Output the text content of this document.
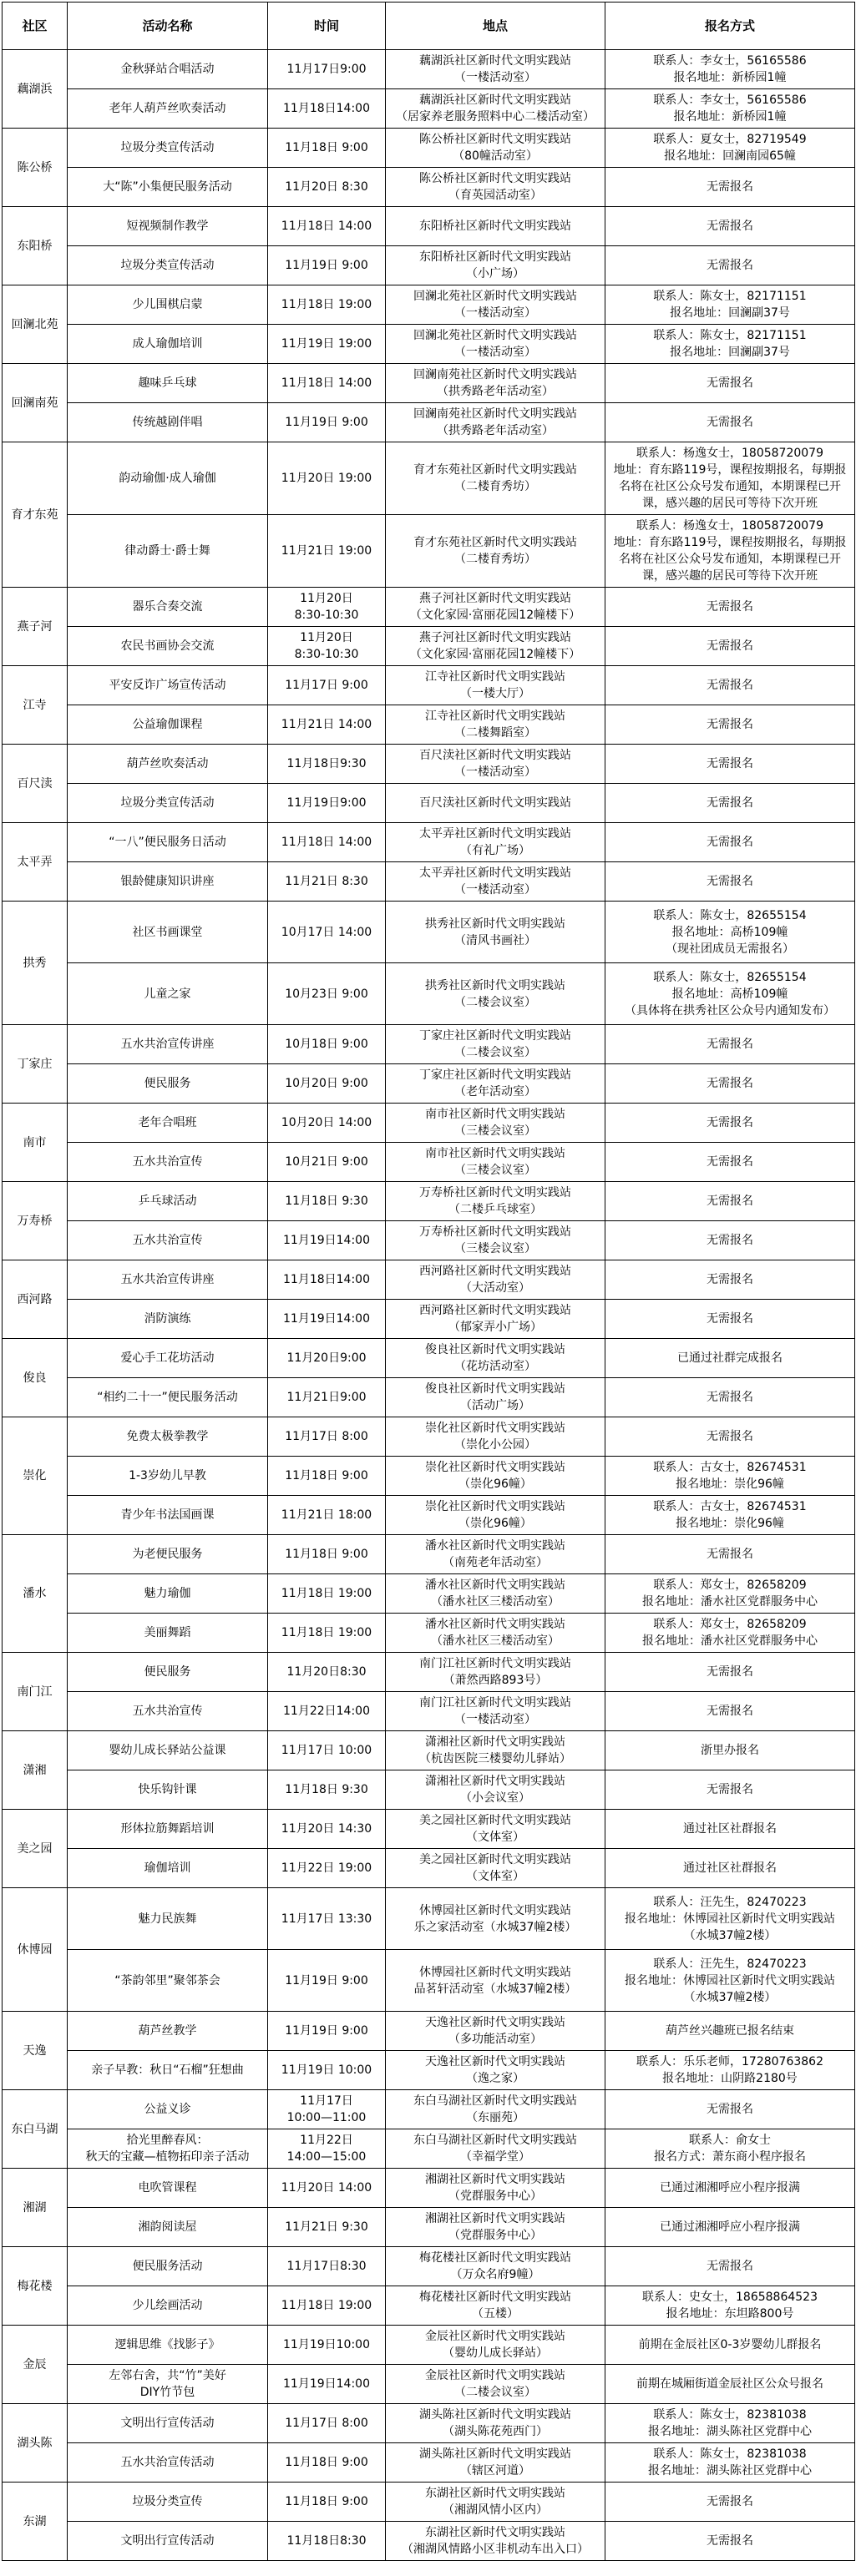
社区	活动名称	时间	地点	报名方式
藕湖浜	金秋驿站合唱活动	11月17日9:00	藕湖浜社区新时代文明实践站
（一楼活动室）	联系人：李女士，56165586
报名地址：新桥园1幢
	老年人葫芦丝吹奏活动	11月18日14:00	藕湖浜社区新时代文明实践站
（居家养老服务照料中心二楼活动室）	联系人：李女士，56165586
报名地址：新桥园1幢
陈公桥	垃圾分类宣传活动	11月18日 9:00	陈公桥社区新时代文明实践站
（80幢活动室）	联系人：夏女士，82719549
报名地址：回澜南园65幢
	大“陈”小集便民服务活动	11月20日 8:30	陈公桥社区新时代文明实践站
（育英园活动室）	无需报名
东阳桥	短视频制作教学	11月18日 14:00	东阳桥社区新时代文明实践站	无需报名
	垃圾分类宣传活动	11月19日 9:00	东阳桥社区新时代文明实践站
（小广场）	无需报名
回澜北苑	少儿围棋启蒙	11月18日 19:00	回澜北苑社区新时代文明实践站
（一楼活动室）	联系人：陈女士，82171151
报名地址：回澜副37号
	成人瑜伽培训	11月19日 19:00	回澜北苑社区新时代文明实践站
（一楼活动室）	联系人：陈女士，82171151
报名地址：回澜副37号
回澜南苑	趣味乒乓球	11月18日 14:00	回澜南苑社区新时代文明实践站
（拱秀路老年活动室）	无需报名
	传统越剧伴唱	11月19日 9:00	回澜南苑社区新时代文明实践站
（拱秀路老年活动室）	无需报名
育才东苑	韵动瑜伽·成人瑜伽	11月20日 19:00	育才东苑社区新时代文明实践站
（二楼育秀坊）	联系人：杨逸女士，18058720079
地址：育东路119号，课程按期报名，每期报名将在社区公众号发布通知，本期课程已开课，感兴趣的居民可等待下次开班
	律动爵士·爵士舞	11月21日 19:00	育才东苑社区新时代文明实践站
（二楼育秀坊）	联系人：杨逸女士，18058720079
地址：育东路119号，课程按期报名，每期报名将在社区公众号发布通知，本期课程已开课，感兴趣的居民可等待下次开班
燕子河	器乐合奏交流	11月20日
8:30-10:30	燕子河社区新时代文明实践站
（文化家园·富丽花园12幢楼下）	无需报名
	农民书画协会交流	11月20日
8:30-10:30	燕子河社区新时代文明实践站
（文化家园·富丽花园12幢楼下）	无需报名
江寺	平安反诈广场宣传活动	11月17日 9:00	江寺社区新时代文明实践站
（一楼大厅）	无需报名
	公益瑜伽课程	11月21日 14:00	江寺社区新时代文明实践站
（二楼舞蹈室）	无需报名
百尺渎	葫芦丝吹奏活动	11月18日9:30	百尺渎社区新时代文明实践站
（一楼活动室）	无需报名
	垃圾分类宣传活动	11月19日9:00	百尺渎社区新时代文明实践站	无需报名
太平弄	“一八”便民服务日活动	11月18日 14:00	太平弄社区新时代文明实践站
（有礼广场）	无需报名
	银龄健康知识讲座	11月21日 8:30	太平弄社区新时代文明实践站
（一楼活动室）	无需报名
拱秀	社区书画课堂	10月17日 14:00	拱秀社区新时代文明实践站
（清风书画社）	联系人：陈女士，82655154
报名地址：高桥109幢
（现社团成员无需报名）
	儿童之家	10月23日 9:00	拱秀社区新时代文明实践站
（二楼会议室）	联系人：陈女士，82655154
报名地址：高桥109幢
（具体将在拱秀社区公众号内通知发布）
丁家庄	五水共治宣传讲座	10月18日 9:00	丁家庄社区新时代文明实践站
（二楼会议室）	无需报名
	便民服务	10月20日 9:00	丁家庄社区新时代文明实践站
（老年活动室）	无需报名
南市	老年合唱班	10月20日 14:00	南市社区新时代文明实践站
（三楼会议室）	无需报名
	五水共治宣传	10月21日 9:00	南市社区新时代文明实践站
（三楼会议室）	无需报名
万寿桥	乒乓球活动	11月18日 9:30	万寿桥社区新时代文明实践站
（二楼乒乓球室）	无需报名
	五水共治宣传	11月19日14:00	万寿桥社区新时代文明实践站
（三楼会议室）	无需报名
西河路	五水共治宣传讲座	11月18日14:00	西河路社区新时代文明实践站
（大活动室）	无需报名
	消防演练	11月19日14:00	西河路社区新时代文明实践站
（郁家弄小广场）	无需报名
俊良	爱心手工花坊活动	11月20日9:00	俊良社区新时代文明实践站
（花坊活动室）	已通过社群完成报名
	“相约二十一”便民服务活动	11月21日9:00	俊良社区新时代文明实践站
（活动广场）	无需报名
崇化	免费太极拳教学	11月17日 8:00	崇化社区新时代文明实践站
（崇化小公园）	无需报名
	1-3岁幼儿早教	11月18日 9:00	崇化社区新时代文明实践站
（崇化96幢）	联系人：古女士，82674531
报名地址：崇化96幢
	青少年书法国画课	11月21日 18:00	崇化社区新时代文明实践站
（崇化96幢）	联系人：古女士，82674531
报名地址：崇化96幢
潘水	为老便民服务	11月18日 9:00	潘水社区新时代文明实践站
（南苑老年活动室）	无需报名
	魅力瑜伽	11月18日 19:00	潘水社区新时代文明实践站
（潘水社区三楼活动室）	联系人：郑女士，82658209
报名地址：潘水社区党群服务中心
	美丽舞蹈	11月18日 19:00	潘水社区新时代文明实践站
（潘水社区三楼活动室）	联系人：郑女士，82658209
报名地址：潘水社区党群服务中心
南门江	便民服务	11月20日8:30	南门江社区新时代文明实践站
（萧然西路893号）	无需报名
	五水共治宣传	11月22日14:00	南门江社区新时代文明实践站
（一楼活动室）	无需报名
潇湘	婴幼儿成长驿站公益课	11月17日 10:00	潇湘社区新时代文明实践站
（杭齿医院三楼婴幼儿驿站）	浙里办报名
	快乐钩针课	11月18日 9:30	潇湘社区新时代文明实践站
（小会议室）	无需报名
美之园	形体拉筋舞蹈培训	11月20日 14:30	美之园社区新时代文明实践站
（文体室）	通过社区社群报名
	瑜伽培训	11月22日 19:00	美之园社区新时代文明实践站
（文体室）	通过社区社群报名
休博园	魅力民族舞	11月17日 13:30	休博园社区新时代文明实践站
乐之家活动室（水城37幢2楼）	联系人：汪先生，82470223
报名地址：休博园社区新时代文明实践站
（水城37幢2楼）
	“茶韵邻里”聚邻茶会	11月19日 9:00	休博园社区新时代文明实践站
品茗轩活动室（水城37幢2楼）	联系人：汪先生，82470223
报名地址：休博园社区新时代文明实践站
（水城37幢2楼）
天逸	葫芦丝教学	11月19日 9:00	天逸社区新时代文明实践站
（多功能活动室）	葫芦丝兴趣班已报名结束
	亲子早教：秋日“石榴”狂想曲	11月19日 10:00	天逸社区新时代文明实践站
（逸之家）	联系人：乐乐老师，17280763862
报名地址：山阴路2180号
东白马湖	公益义诊	11月17日
10:00—11:00	东白马湖社区新时代文明实践站
（东丽苑）	无需报名
	拾光里醉春风：
秋天的宝藏—植物拓印亲子活动	11月22日
14:00—15:00	东白马湖社区新时代文明实践站
（幸福学堂）	联系人：俞女士
报名方式：萧东商小程序报名
湘湖	电吹管课程	11月20日 14:00	湘湖社区新时代文明实践站
（党群服务中心）	已通过湘湘呼应小程序报满
	湘韵阅读屋	11月21日 9:30	湘湖社区新时代文明实践站
（党群服务中心）	已通过湘湘呼应小程序报满
梅花楼	便民服务活动	11月17日8:30	梅花楼社区新时代文明实践站
（万众名府9幢）	无需报名
	少儿绘画活动	11月18日 19:00	梅花楼社区新时代文明实践站
（五楼）	联系人：史女士，18658864523
报名地址：东坦路800号
金辰	逻辑思维《找影子》	11月19日10:00	金辰社区新时代文明实践站
（婴幼儿成长驿站）	前期在金辰社区0-3岁婴幼儿群报名
	左邻右舍，共“竹”美好
DIY竹节包	11月19日14:00	金辰社区新时代文明实践站
（二楼会议室）	前期在城厢街道金辰社区公众号报名
湖头陈	文明出行宣传活动	11月17日 8:00	湖头陈社区新时代文明实践站
（湖头陈花苑西门）	联系人：陈女士，82381038
报名地址：湖头陈社区党群中心
	五水共治宣传活动	11月18日 9:00	湖头陈社区新时代文明实践站
（辖区河道）	联系人：陈女士，82381038
报名地址：湖头陈社区党群中心
东湖	垃圾分类宣传	11月18日 9:00	东湖社区新时代文明实践站
（湘湖风情小区内）	无需报名
	文明出行宣传活动	11月18日8:30	东湖社区新时代文明实践站
（湘湖风情路小区非机动车出入口）	无需报名
